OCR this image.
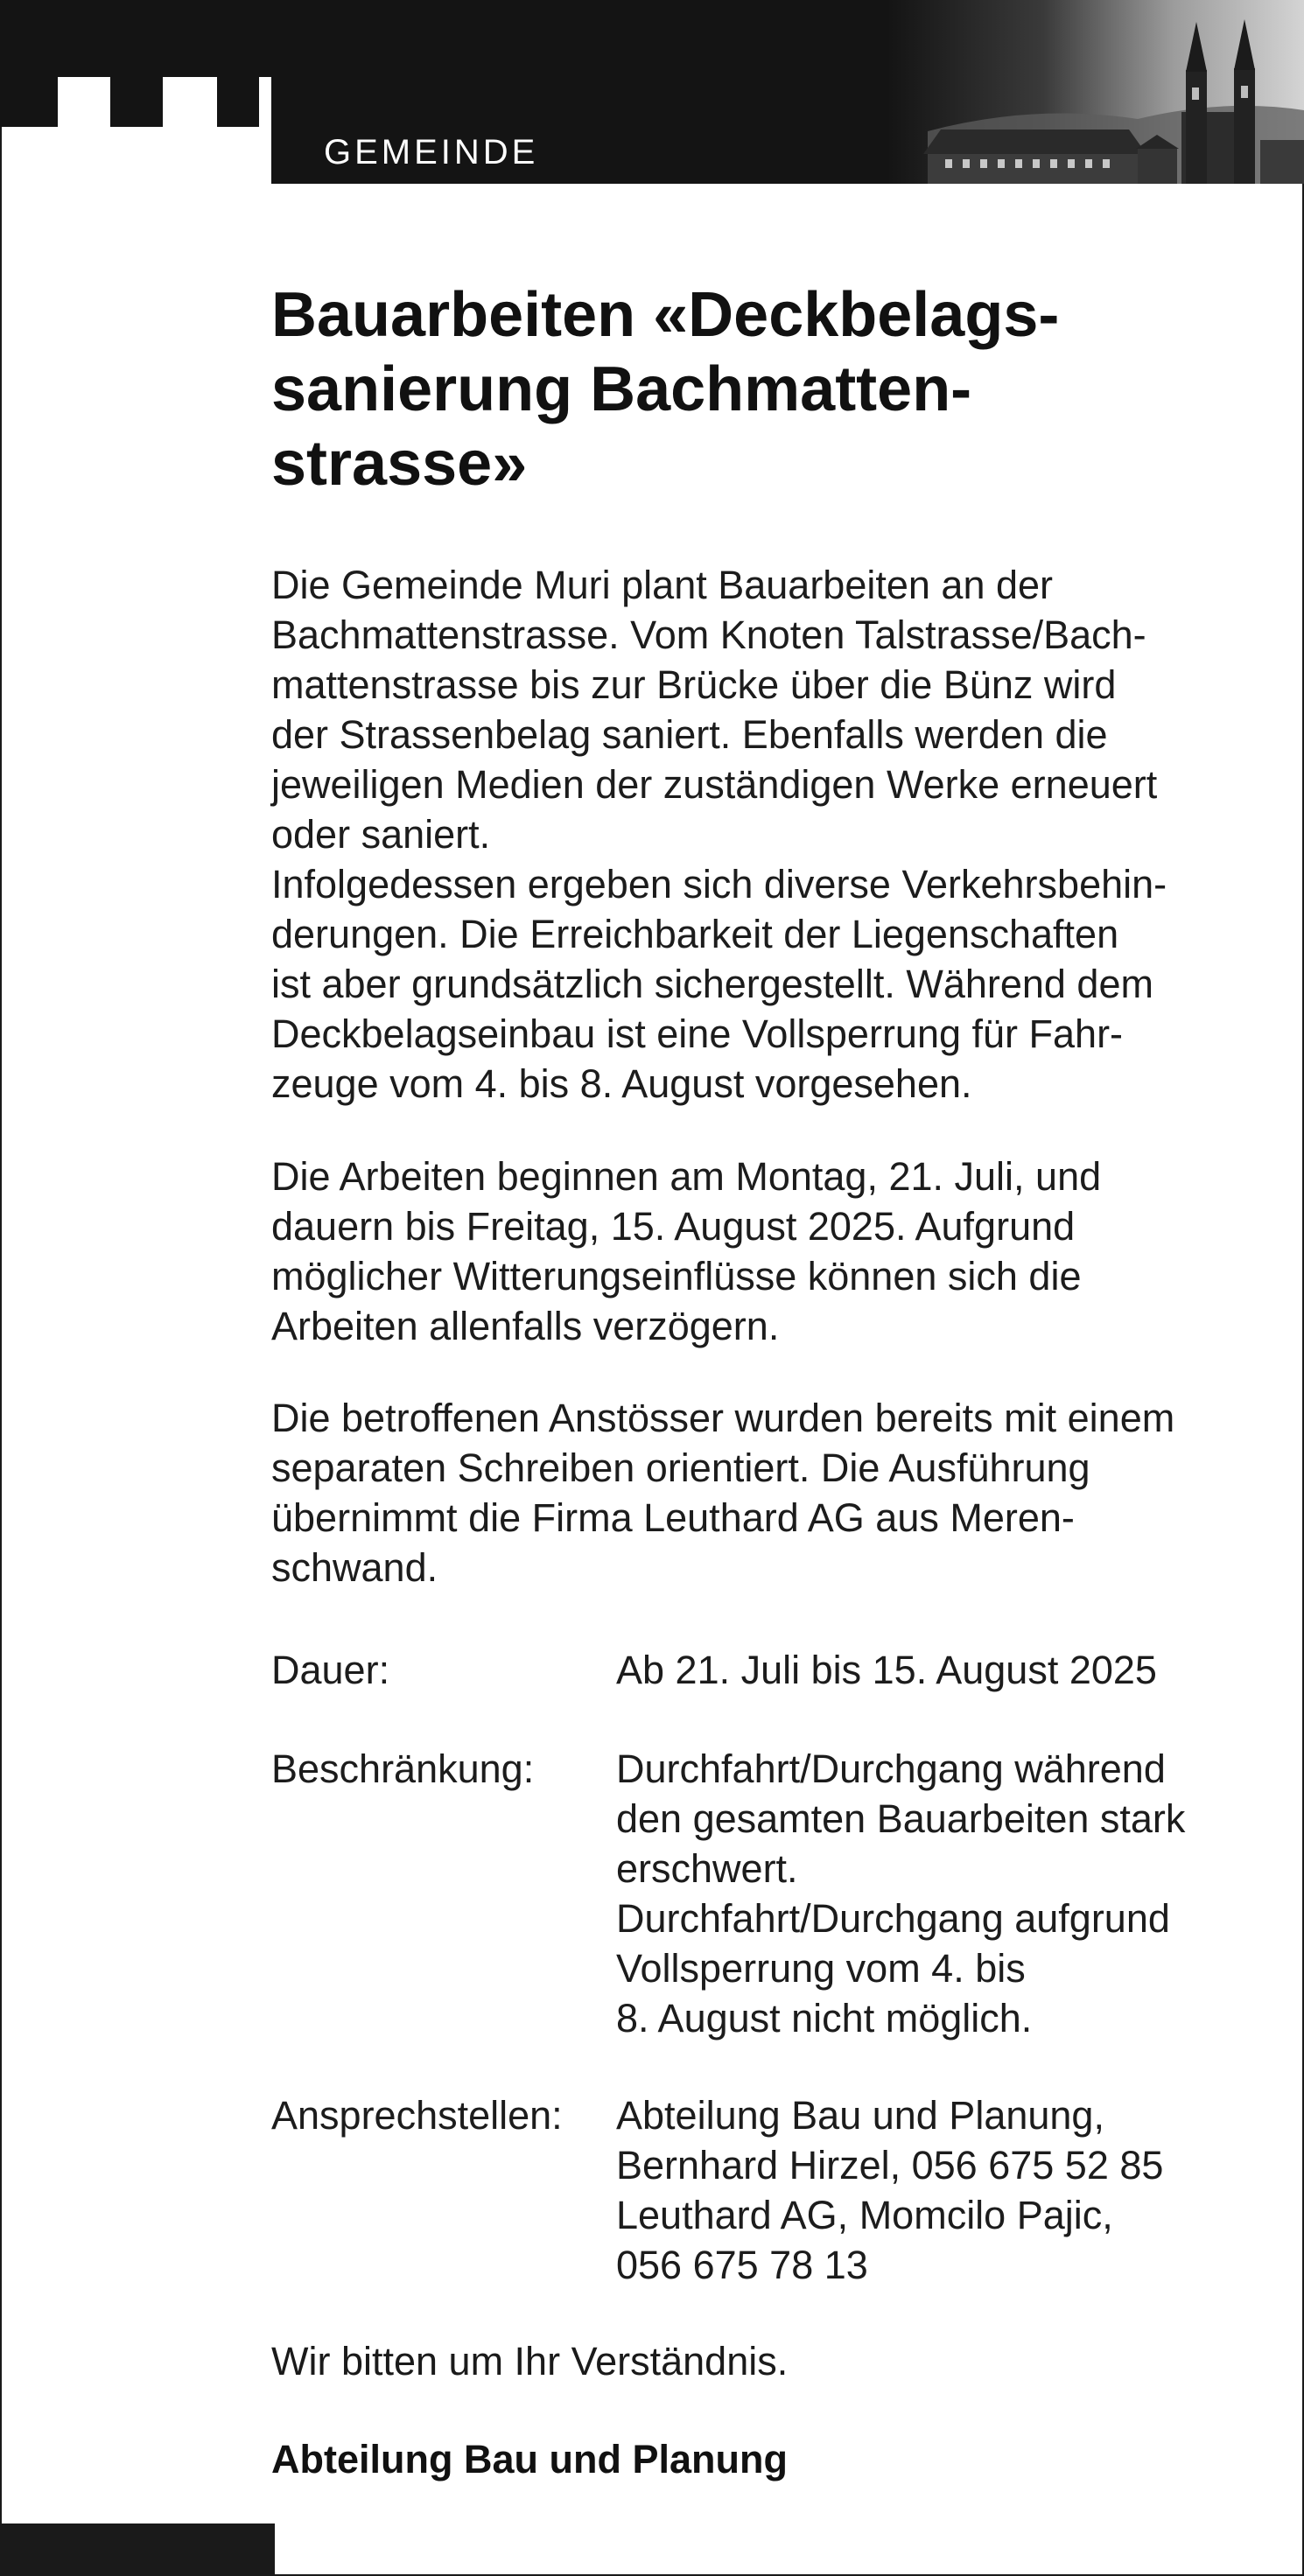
GEMEINDE
Bauarbeiten «Deckbelags-
sanierung Bachmatten-
strasse»
Die Gemeinde Muri plant Bauarbeiten an der
Bachmattenstrasse. Vom Knoten Talstrasse/Bach-
mattenstrasse bis zur Brücke über die Bünz wird
der Strassenbelag saniert. Ebenfalls werden die
jeweiligen Medien der zuständigen Werke erneuert
oder saniert.
Infolgedessen ergeben sich diverse Verkehrsbehin-
derungen. Die Erreichbarkeit der Liegenschaften
ist aber grundsätzlich sichergestellt. Während dem
Deckbelagseinbau ist eine Vollsperrung für Fahr-
zeuge vom 4. bis 8. August vorgesehen.
Die Arbeiten beginnen am Montag, 21. Juli, und
dauern bis Freitag, 15. August 2025. Aufgrund
möglicher Witterungseinflüsse können sich die
Arbeiten allenfalls verzögern.
Die betroffenen Anstösser wurden bereits mit einem
separaten Schreiben orientiert. Die Ausführung
übernimmt die Firma Leuthard AG aus Meren-
schwand.
Dauer:	Ab 21. Juli bis 15. August 2025
Beschränkung: Durchfahrt/Durchgang während
den gesamten Bauarbeiten stark
erschwert.
Durchfahrt/Durchgang aufgrund
Vollsperrung vom 4. bis
8. August nicht möglich.
Ansprechstellen: Abteilung Bau und Planung,
Bernhard Hirzel, 056 675 52 85
Leuthard AG, Momcilo Pajic,
056 675 78 13
Wir bitten um Ihr Verständnis.
Abteilung Bau und Planung
